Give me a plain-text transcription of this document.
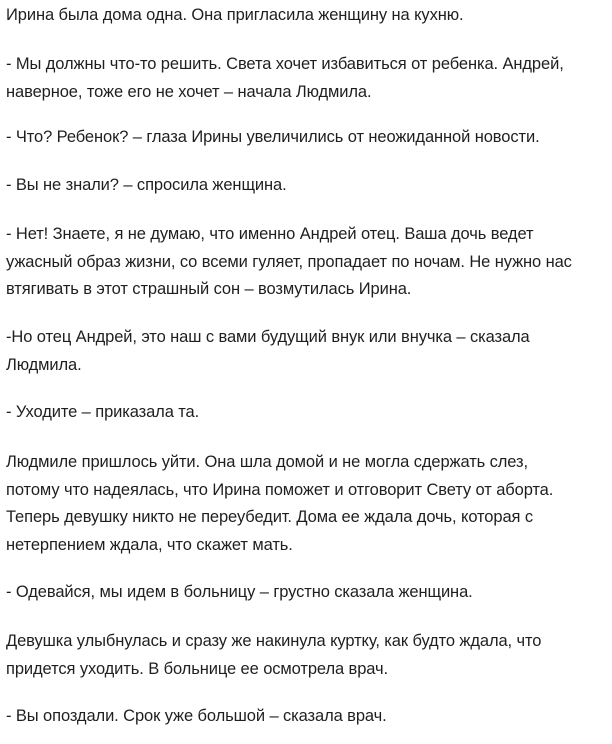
Ирина была дома одна. Она пригласила женщину на кухню.
- Мы должны что-то решить. Света хочет избавиться от ребенка. Андрей,
наверное, тоже его не хочет – начала Людмила.
- Что? Ребенок? – глаза Ирины увеличились от неожиданной новости.
- Вы не знали? – спросила женщина.
- Нет! Знаете, я не думаю, что именно Андрей отец. Ваша дочь ведет
ужасный образ жизни, со всеми гуляет, пропадает по ночам. Не нужно нас
втягивать в этот страшный сон – возмутилась Ирина.
-Но отец Андрей, это наш с вами будущий внук или внучка – сказала
Людмила.
- Уходите – приказала та.
Людмиле пришлось уйти. Она шла домой и не могла сдержать слез,
потому что надеялась, что Ирина поможет и отговорит Свету от аборта.
Теперь девушку никто не переубедит. Дома ее ждала дочь, которая с
нетерпением ждала, что скажет мать.
- Одевайся, мы идем в больницу – грустно сказала женщина.
Девушка улыбнулась и сразу же накинула куртку, как будто ждала, что
придется уходить. В больнице ее осмотрела врач.
- Вы опоздали. Срок уже большой – сказала врач.
